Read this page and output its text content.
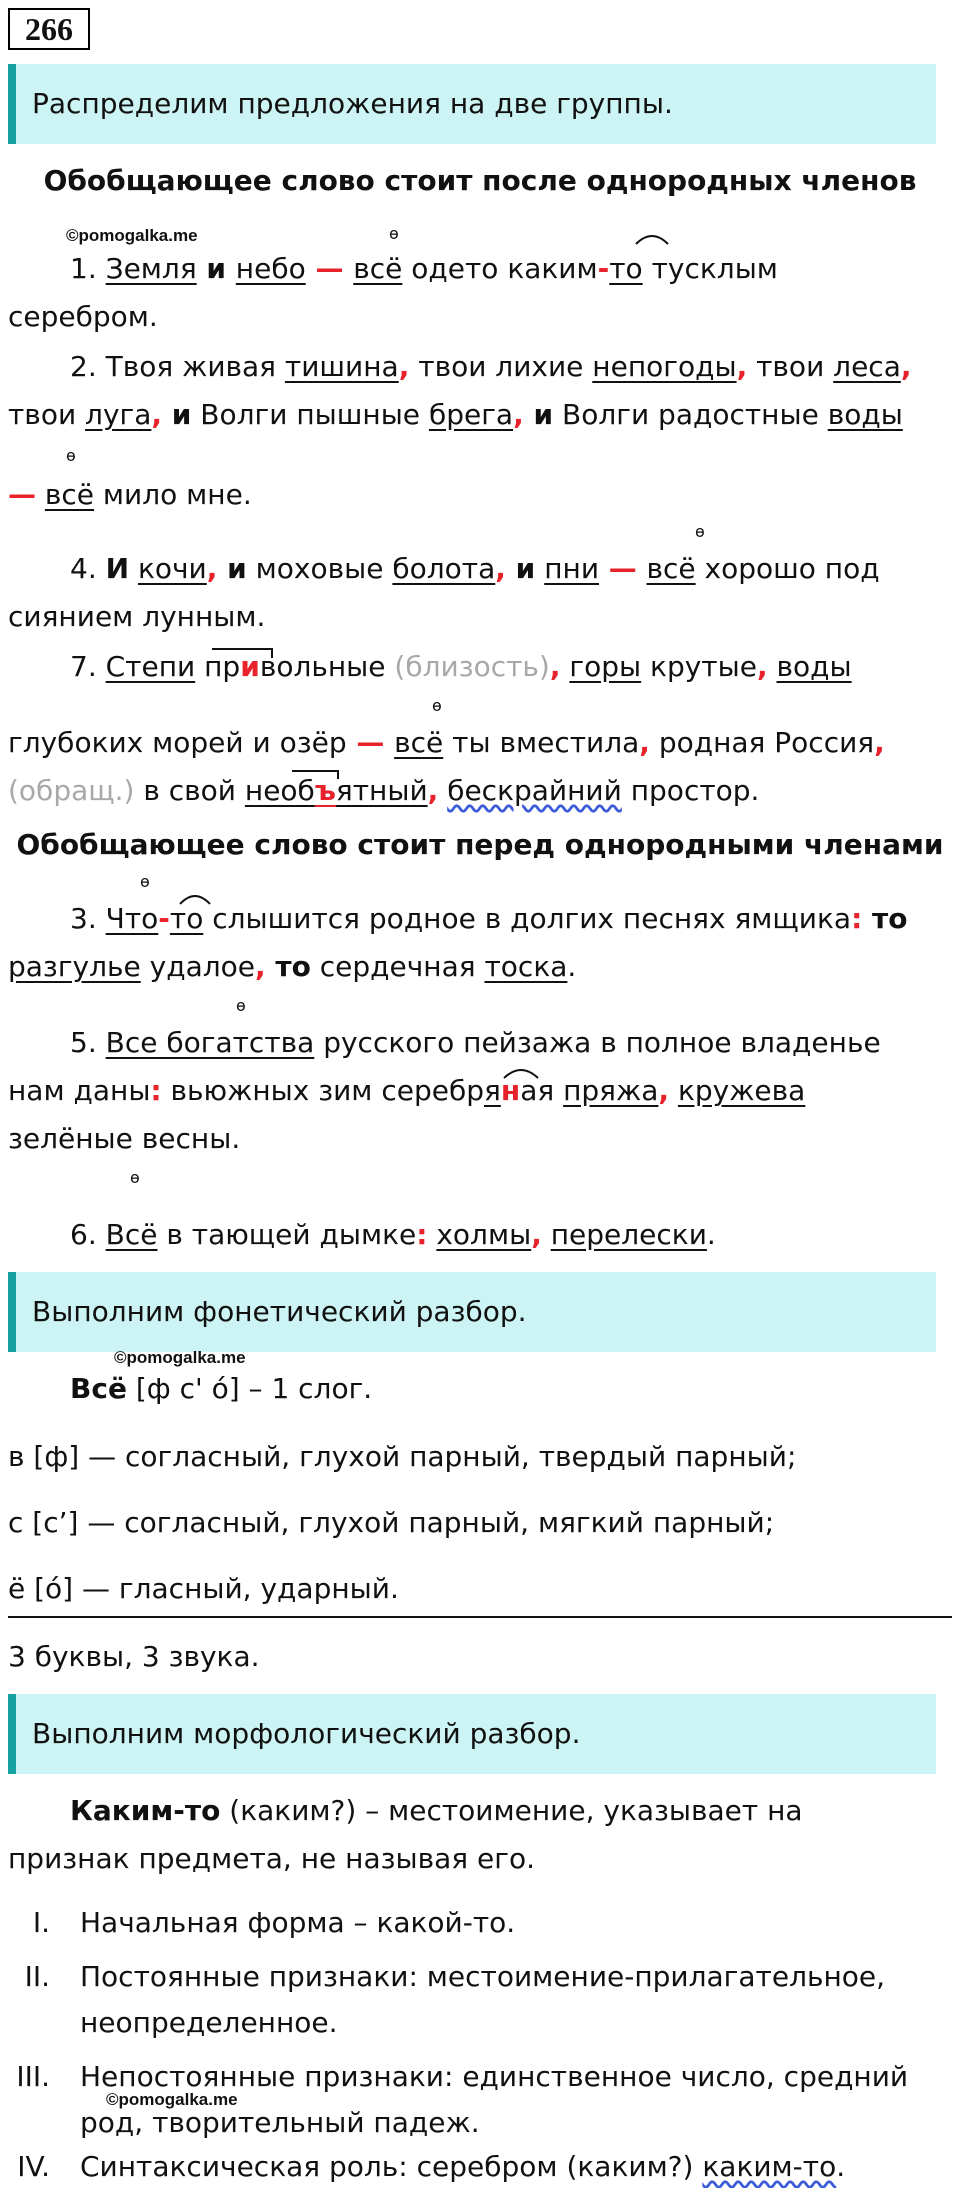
266
Распределим предложения на две группы.
Обобщающее слово стоит после однородных членов
©pomogalka.me	ɵ
1. Земля и небо — всё одето каким-то тусклым
серебром.
2. Твоя живая тишина, твои лихие непогоды, твои леса,
твои луга, и Волги пышные брега, и Волги радостные воды
ɵ
— всё мило мне.
ɵ
4. И кочи, и моховые болота, и пни — всё хорошо под
сиянием лунным.
7. Степи привольные (близость), горы крутые, воды
ɵ
глубоких морей и озёр — всё ты вместила, родная Россия,
(обращ.) в свой необъятный, бескрайний простор.
Обобщающее слово стоит перед однородными членами
ɵ
3. Что-то слышится родное в долгих песнях ямщика: то
разгулье удалое, то сердечная тоска.
ɵ
5. Все богатства русского пейзажа в полное владенье
нам даны: вьюжных зим серебряная пряжа, кружева
зелёные весны.
ɵ
6. Всё в тающей дымке: холмы, перелески.
Выполним фонетический разбор.
©pomogalka.me
Всё [ф с' о́] – 1 слог.
в [ф] — согласный, глухой парный, твердый парный;
с [с’] — согласный, глухой парный, мягкий парный;
ё [о́] — гласный, ударный.
3 буквы, 3 звука.
Выполним морфологический разбор.
Каким-то (каким?) – местоимение, указывает на
признак предмета, не называя его.
I. Начальная форма – какой-то.
II. Постоянные признаки: местоимение-прилагательное,
неопределенное.
III. Непостоянные признаки: единственное число, средний
©pomogalka.me
род, творительный падеж.
IV. Синтаксическая роль: серебром (каким?) каким-то.
